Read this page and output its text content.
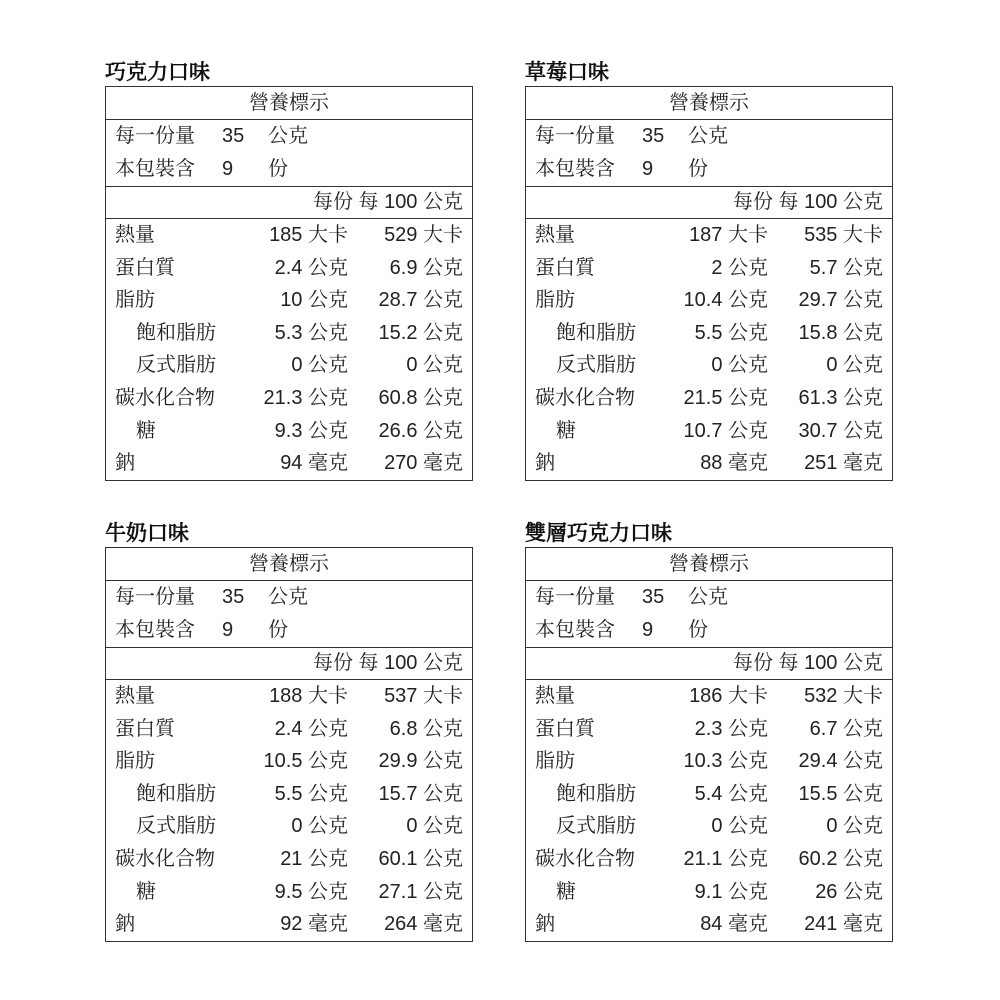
巧克力口味
營養標示
每一份量 35 公克
本包裝含 9 份
每份 每 100 公克
熱量	185 大卡 529 大卡
蛋白質	2.4 公克 6.9 公克
脂肪	10 公克 28.7 公克
飽和脂肪	5.3 公克 15.2 公克
反式脂肪	0 公克	0 公克
碳水化合物 21.3 公克 60.8 公克
糖	9.3 公克 26.6 公克
鈉	94 毫克 270 毫克
草莓口味
營養標示
每一份量 35 公克
本包裝含 9 份
每份 每 100 公克
熱量	187 大卡 535 大卡
蛋白質	2 公克 5.7 公克
脂肪	10.4 公克 29.7 公克
飽和脂肪	5.5 公克 15.8 公克
反式脂肪	0 公克	0 公克
碳水化合物 21.5 公克 61.3 公克
糖	10.7 公克 30.7 公克
鈉	88 毫克 251 毫克
牛奶口味
營養標示
每一份量 35 公克
本包裝含 9 份
每份 每 100 公克
熱量	188 大卡 537 大卡
蛋白質	2.4 公克 6.8 公克
脂肪	10.5 公克 29.9 公克
飽和脂肪	5.5 公克 15.7 公克
反式脂肪	0 公克	0 公克
碳水化合物	21 公克 60.1 公克
糖	9.5 公克 27.1 公克
鈉	92 毫克 264 毫克
雙層巧克力口味
營養標示
每一份量 35 公克
本包裝含 9 份
每份 每 100 公克
熱量	186 大卡 532 大卡
蛋白質	2.3 公克 6.7 公克
脂肪	10.3 公克 29.4 公克
飽和脂肪	5.4 公克 15.5 公克
反式脂肪	0 公克	0 公克
碳水化合物 21.1 公克 60.2 公克
糖	9.1 公克 26 公克
鈉	84 毫克 241 毫克
